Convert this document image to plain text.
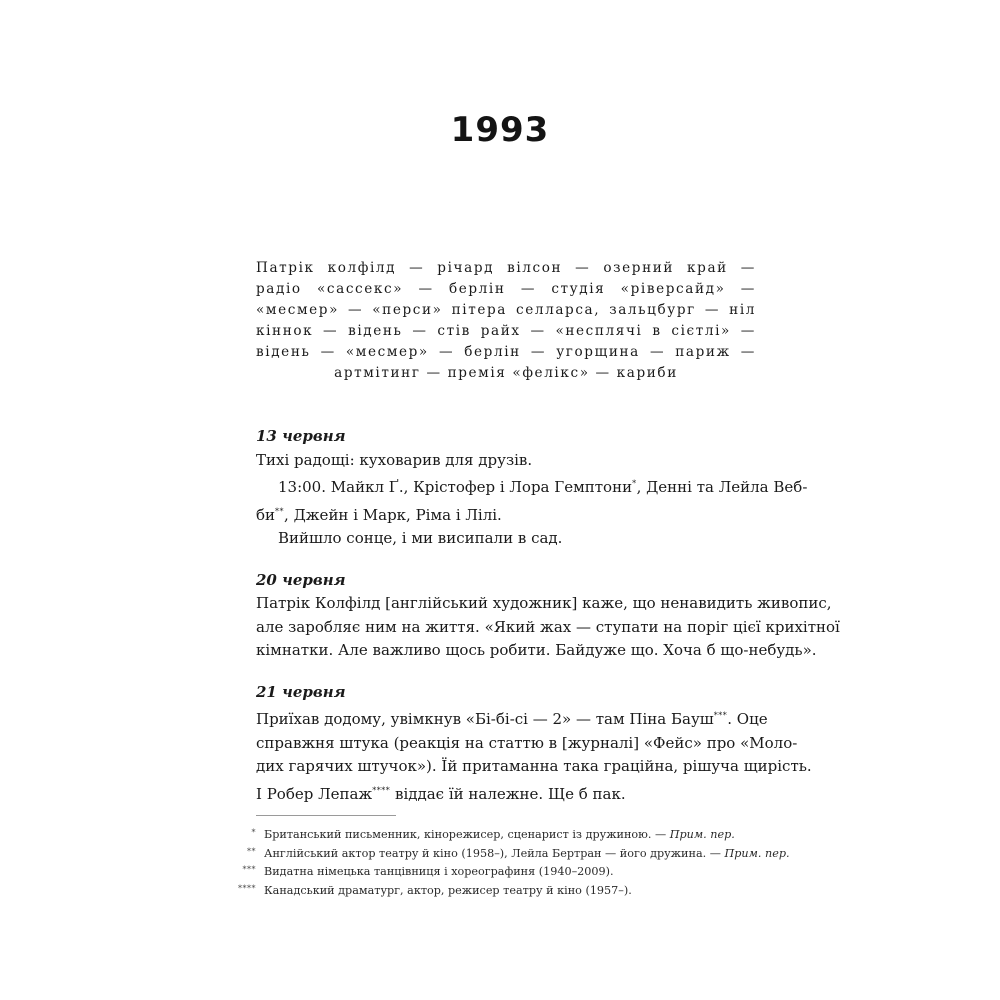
1993
Патрік колфілд — річард вілсон — озерний край —
радіо «сассекс» — берлін — студія «ріверсайд» —
«месмер» — «перси» пітера селларса, зальцбург — ніл
кіннок — відень — стів райх — «несплячі в сієтлі» —
відень — «месмер» — берлін — угорщина — париж —
артмітинг — премія «фелікс» — кариби
13 червня
Тихі радощі: куховарив для друзів.
13:00. Майкл Ґ., Крістофер і Лора Гемптони*, Денні та Лейла Веб-
би**, Джейн і Марк, Ріма і Лілі.
Вийшло сонце, і ми висипали в сад.
20 червня
Патрік Колфілд [англійський художник] каже, що ненавидить живопис,
але заробляє ним на життя. «Який жах — ступати на поріг цієї крихітної
кімнатки. Але важливо щось робити. Байдуже що. Хоча б що-небудь».
21 червня
Приїхав додому, увімкнув «Бі-бі-сі — 2» — там Піна Бауш***. Оце
справжня штука (реакція на статтю в [журналі] «Фейс» про «Моло-
дих гарячих штучок»). Їй притаманна така граційна, рішуча щирість.
І Робер Лепаж**** віддає їй належне. Ще б пак.
* Британський письменник, кінорежисер, сценарист із дружиною. — Прим. пер.
** Англійський актор театру й кіно (1958–), Лейла Бертран — його дружина. — Прим. пер.
*** Видатна німецька танцівниця і хореографиня (1940–2009).
**** Канадський драматург, актор, режисер театру й кіно (1957–).
